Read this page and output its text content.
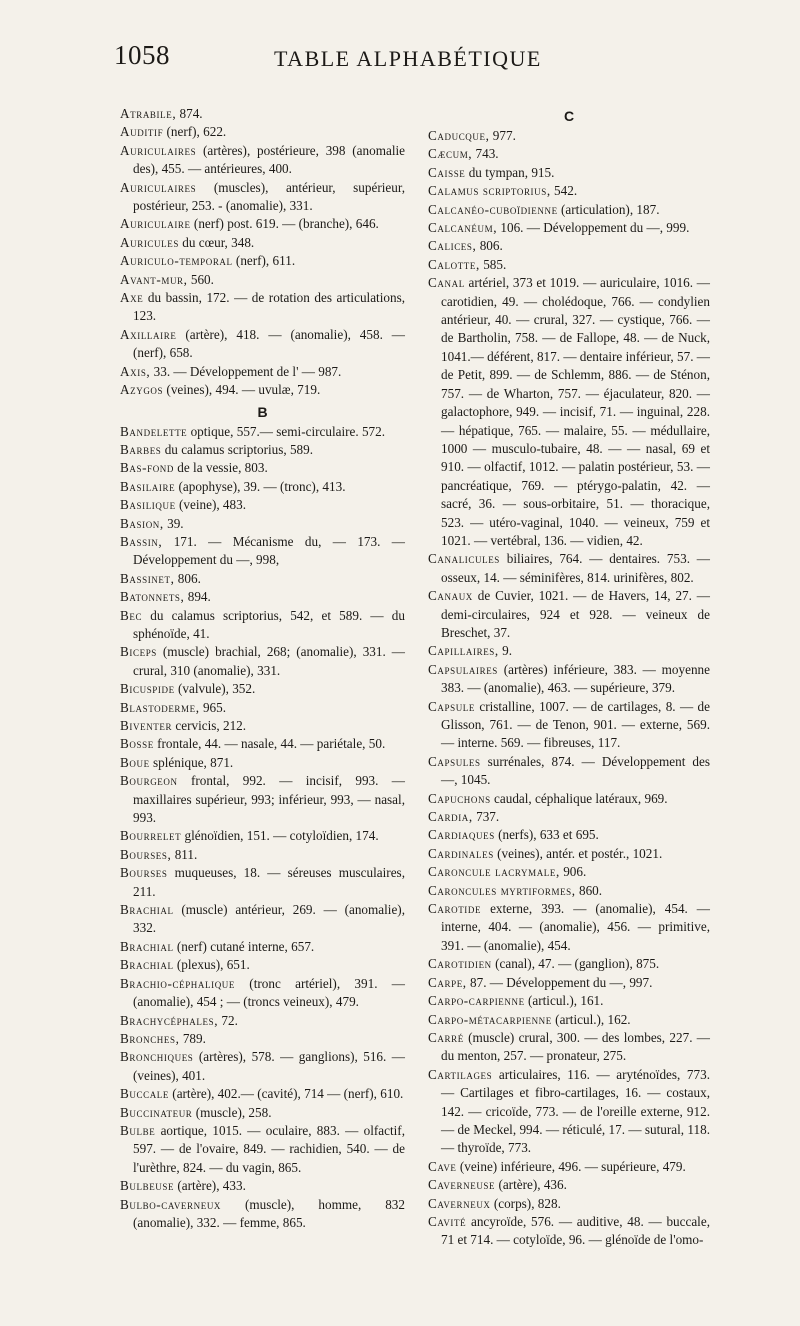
1058	TABLE ALPHABÉTIQUE

Atrabile, 874.

Auditif (nerf), 622.

Auriculaires (artères), postérieure, 398 (anomalie des), 455. — antérieures, 400.

Auriculaires (muscles), antérieur, supérieur, postérieur, 253. - (anomalie), 331.

Auriculaire (nerf) post. 619. — (branche), 646.

Auricules du cœur, 348.

Auriculo-temporal (nerf), 611.

Avant-mur, 560.

Axe du bassin, 172. — de rotation des articulations, 123.

Axillaire (artère), 418. — (anomalie), 458. — (nerf), 658.

Axis, 33. — Développement de l' — 987.

Azygos (veines), 494. — uvulæ, 719.

B

Bandelette optique, 557.— semi-circulaire. 572.

Barbes du calamus scriptorius, 589.

Bas-fond de la vessie, 803.

Basilaire (apophyse), 39. — (tronc), 413.

Basilique (veine), 483.

Basion, 39.

Bassin, 171. — Mécanisme du, — 173. — Développement du —, 998,

Bassinet, 806.

Batonnets, 894.

Bec du calamus scriptorius, 542, et 589. — du sphénoïde, 41.

Biceps (muscle) brachial, 268; (anomalie), 331. — crural, 310 (anomalie), 331.

Bicuspide (valvule), 352.

Blastoderme, 965.

Biventer cervicis, 212.

Bosse frontale, 44. — nasale, 44. — pariétale, 50.

Boue splénique, 871.

Bourgeon frontal, 992. — incisif, 993. — maxillaires supérieur, 993; inférieur, 993, — nasal, 993.

Bourrelet glénoïdien, 151. — cotyloïdien, 174.

Bourses, 811.

Bourses muqueuses, 18. — séreuses musculaires, 211.

Brachial (muscle) antérieur, 269. — (anomalie), 332.

Brachial (nerf) cutané interne, 657.

Brachial (plexus), 651.

Brachio-céphalique (tronc artériel), 391. — (anomalie), 454 ; — (troncs veineux), 479.

Brachycéphales, 72.

Bronches, 789.

Bronchiques (artères), 578. — ganglions), 516. — (veines), 401.

Buccale (artère), 402.— (cavité), 714 — (nerf), 610.

Buccinateur (muscle), 258.

Bulbe aortique, 1015. — oculaire, 883. — olfactif, 597. — de l'ovaire, 849. — rachidien, 540. — de l'urèthre, 824. — du vagin, 865.

Bulbeuse (artère), 433.

Bulbo-caverneux (muscle), homme, 832 (anomalie), 332. — femme, 865.

C

Caducque, 977.

Cæcum, 743.

Caisse du tympan, 915.

Calamus scriptorius, 542.

Calcanéo-cuboïdienne (articulation), 187.

Calcanéum, 106. — Développement du —, 999.

Calices, 806.

Calotte, 585.

Canal artériel, 373 et 1019. — auriculaire, 1016. — carotidien, 49. — cholédoque, 766. — condylien antérieur, 40. — crural, 327. — cystique, 766. — de Bartholin, 758. — de Fallope, 48. — de Nuck, 1041.— déférent, 817. — dentaire inférieur, 57. — de Petit, 899. — de Schlemm, 886. — de Sténon, 757. — de Wharton, 757. — éjaculateur, 820. — galactophore, 949. — incisif, 71. — inguinal, 228. — hépatique, 765. — malaire, 55. — médullaire, 1000 — musculo-tubaire, 48. — — nasal, 69 et 910. — olfactif, 1012. — palatin postérieur, 53. — pancréatique, 769. — ptérygo-palatin, 42. — sacré, 36. — sous-orbitaire, 51. — thoracique, 523. — utéro-vaginal, 1040. — veineux, 759 et 1021. — vertébral, 136. — vidien, 42.

Canalicules biliaires, 764. — dentaires. 753. — osseux, 14. — séminifères, 814. urinifères, 802.

Canaux de Cuvier, 1021. — de Havers, 14, 27. — demi-circulaires, 924 et 928. — veineux de Breschet, 37.

Capillaires, 9.

Capsulaires (artères) inférieure, 383. — moyenne 383. — (anomalie), 463. — supérieure, 379.

Capsule cristalline, 1007. — de cartilages, 8. — de Glisson, 761. — de Tenon, 901. — externe, 569. — interne. 569. — fibreuses, 117.

Capsules surrénales, 874. — Développement des —, 1045.

Capuchons caudal, céphalique latéraux, 969.

Cardia, 737.

Cardiaques (nerfs), 633 et 695.

Cardinales (veines), antér. et postér., 1021.

Caroncule lacrymale, 906.

Caroncules myrtiformes, 860.

Carotide externe, 393. — (anomalie), 454. — interne, 404. — (anomalie), 456. — primitive, 391. — (anomalie), 454.

Carotidien (canal), 47. — (ganglion), 875.

Carpe, 87. — Développement du —, 997.

Carpo-carpienne (articul.), 161.

Carpo-métacarpienne (articul.), 162.

Carré (muscle) crural, 300. — des lombes, 227. — du menton, 257. — pronateur, 275.

Cartilages articulaires, 116. — aryténoïdes, 773. — Cartilages et fibro-cartilages, 16. — costaux, 142. — cricoïde, 773. — de l'oreille externe, 912. — de Meckel, 994. — réticulé, 17. — sutural, 118. — thyroïde, 773.

Cave (veine) inférieure, 496. — supérieure, 479.

Caverneuse (artère), 436.

Caverneux (corps), 828.

Cavité ancyroïde, 576. — auditive, 48. — buccale, 71 et 714. — cotyloïde, 96. — glénoïde de l'omo-
